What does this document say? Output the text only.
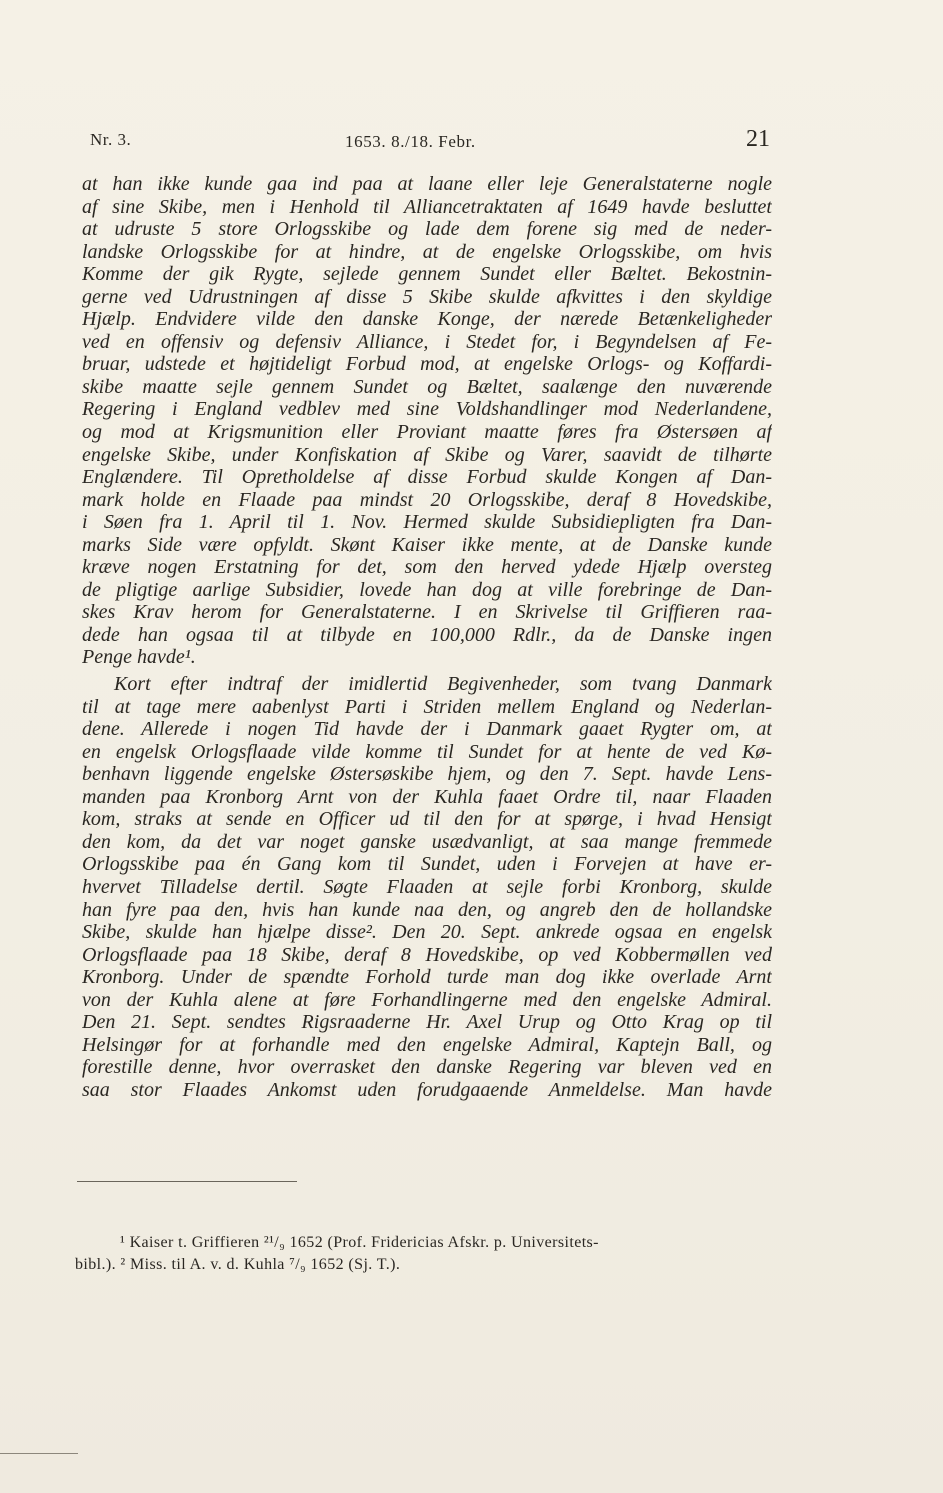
Nr. 3.	1653. 8./18. Febr.	21
at han ikke kunde gaa ind paa at laane eller leje Generalstaterne nogle
af sine Skibe, men i Henhold til Alliancetraktaten af 1649 havde besluttet
at udruste 5 store Orlogsskibe og lade dem forene sig med de neder-
landske Orlogsskibe for at hindre, at de engelske Orlogsskibe, om hvis
Komme der gik Rygte, sejlede gennem Sundet eller Bæltet. Bekostnin-
gerne ved Udrustningen af disse 5 Skibe skulde afkvittes i den skyldige
Hjælp. Endvidere vilde den danske Konge, der nærede Betænkeligheder
ved en offensiv og defensiv Alliance, i Stedet for, i Begyndelsen af Fe-
bruar, udstede et højtideligt Forbud mod, at engelske Orlogs- og Koffardi-
skibe maatte sejle gennem Sundet og Bæltet, saalænge den nuværende
Regering i England vedblev med sine Voldshandlinger mod Nederlandene,
og mod at Krigsmunition eller Proviant maatte føres fra Østersøen af
engelske Skibe, under Konfiskation af Skibe og Varer, saavidt de tilhørte
Englændere. Til Opretholdelse af disse Forbud skulde Kongen af Dan-
mark holde en Flaade paa mindst 20 Orlogsskibe, deraf 8 Hovedskibe,
i Søen fra 1. April til 1. Nov. Hermed skulde Subsidiepligten fra Dan-
marks Side være opfyldt. Skønt Kaiser ikke mente, at de Danske kunde
kræve nogen Erstatning for det, som den herved ydede Hjælp oversteg
de pligtige aarlige Subsidier, lovede han dog at ville forebringe de Dan-
skes Krav herom for Generalstaterne. I en Skrivelse til Griffieren raa-
dede han ogsaa til at tilbyde en 100,000 Rdlr., da de Danske ingen
Penge havde¹.
Kort efter indtraf der imidlertid Begivenheder, som tvang Danmark
til at tage mere aabenlyst Parti i Striden mellem England og Nederlan-
dene. Allerede i nogen Tid havde der i Danmark gaaet Rygter om, at
en engelsk Orlogsflaade vilde komme til Sundet for at hente de ved Kø-
benhavn liggende engelske Østersøskibe hjem, og den 7. Sept. havde Lens-
manden paa Kronborg Arnt von der Kuhla faaet Ordre til, naar Flaaden
kom, straks at sende en Officer ud til den for at spørge, i hvad Hensigt
den kom, da det var noget ganske usædvanligt, at saa mange fremmede
Orlogsskibe paa én Gang kom til Sundet, uden i Forvejen at have er-
hvervet Tilladelse dertil. Søgte Flaaden at sejle forbi Kronborg, skulde
han fyre paa den, hvis han kunde naa den, og angreb den de hollandske
Skibe, skulde han hjælpe disse². Den 20. Sept. ankrede ogsaa en engelsk
Orlogsflaade paa 18 Skibe, deraf 8 Hovedskibe, op ved Kobbermøllen ved
Kronborg. Under de spændte Forhold turde man dog ikke overlade Arnt
von der Kuhla alene at føre Forhandlingerne med den engelske Admiral.
Den 21. Sept. sendtes Rigsraaderne Hr. Axel Urup og Otto Krag op til
Helsingør for at forhandle med den engelske Admiral, Kaptejn Ball, og
forestille denne, hvor overrasket den danske Regering var bleven ved en
saa stor Flaades Ankomst uden forudgaaende Anmeldelse. Man havde
¹ Kaiser t. Griffieren ²¹/₉ 1652 (Prof. Fridericias Afskr. p. Universitets-
bibl.). ² Miss. til A. v. d. Kuhla ⁷/₉ 1652 (Sj. T.).
